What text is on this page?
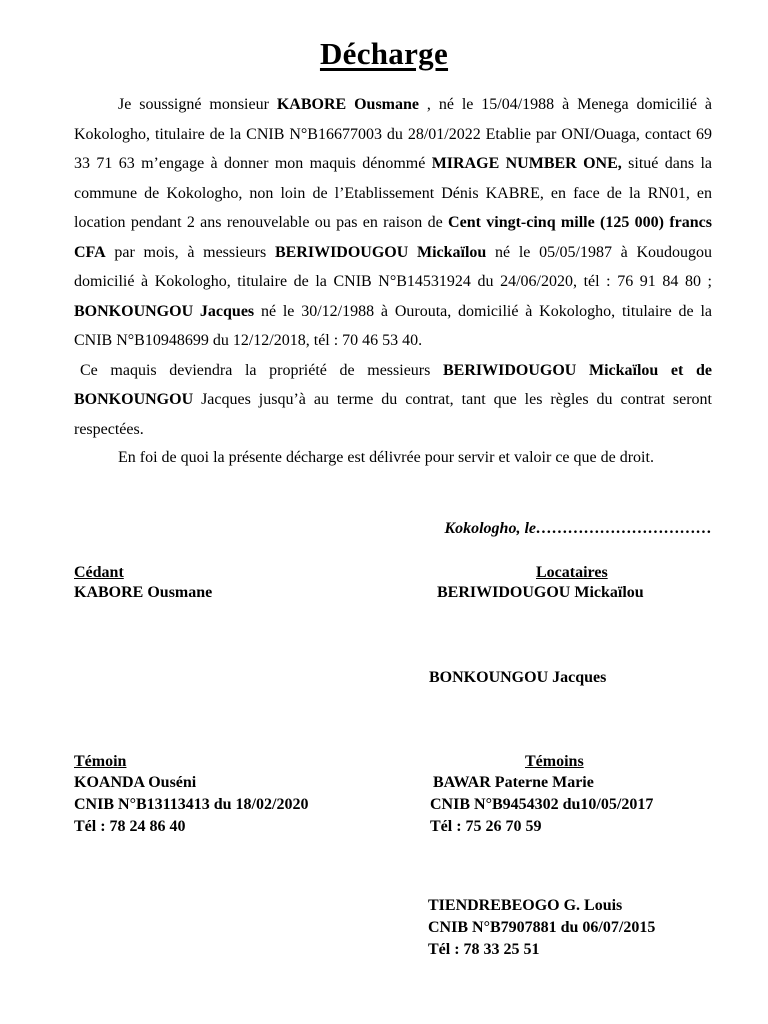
Décharge

Je soussigné monsieur KABORE Ousmane , né le 15/04/1988 à Menega domicilié à Kokologho, titulaire de la CNIB N°B16677003 du 28/01/2022 Etablie par ONI/Ouaga, contact 69 33 71 63 m’engage à donner mon maquis dénommé MIRAGE NUMBER ONE, situé dans la commune de Kokologho, non loin de l’Etablissement Dénis KABRE, en face de la RN01, en location pendant 2 ans renouvelable ou pas en raison de Cent vingt-cinq mille (125 000) francs CFA par mois, à messieurs BERIWIDOUGOU Mickaïlou né le 05/05/1987 à Koudougou domicilié à Kokologho, titulaire de la CNIB N°B14531924 du 24/06/2020, tél : 76 91 84 80 ; BONKOUNGOU Jacques né le 30/12/1988 à Ourouta, domicilié à Kokologho, titulaire de la CNIB N°B10948699 du 12/12/2018, tél : 70 46 53 40.

Ce maquis deviendra la propriété de messieurs BERIWIDOUGOU Mickaïlou et de BONKOUNGOU Jacques jusqu’à au terme du contrat, tant que les règles du contrat seront respectées.

En foi de quoi la présente décharge est délivrée pour servir et valoir ce que de droit.

Kokologho, le……………………………
Cédant
KABORE Ousmane
Locataires
BERIWIDOUGOU Mickaïlou
BONKOUNGOU Jacques
Témoin
KOANDA Ouséni
CNIB N°B13113413 du 18/02/2020
Tél : 78 24 86 40
Témoins
BAWAR Paterne Marie
CNIB N°B9454302 du10/05/2017
Tél : 75 26 70 59
TIENDREBEOGO G. Louis
CNIB N°B7907881 du 06/07/2015
Tél : 78 33 25 51
